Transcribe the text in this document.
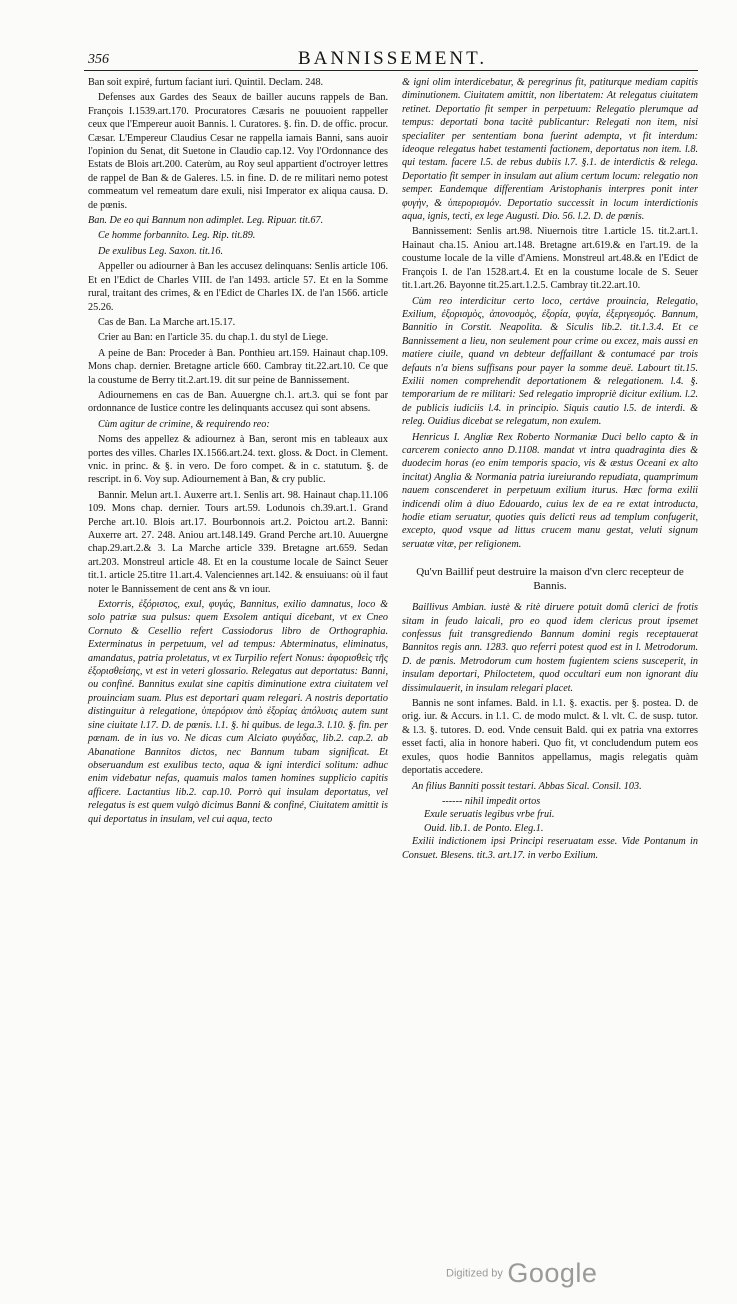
356	BANNISSEMENT.

Ban soit expiré, furtum faciant iuri. Quintil. Declam. 248.

Defenses aux Gardes des Seaux de bailler aucuns rappels de Ban. François I.1539.art.170. Procuratores Cæsaris ne pouuoient rappeller ceux que l'Empereur auoit Bannis. l. Curatores. §. fin. D. de offic. procur. Cæsar. L'Empereur Claudius Cesar ne rappella iamais Banni, sans auoir l'opinion du Senat, dit Suetone in Claudio cap.12. Voy l'Ordonnance des Estats de Blois art.200. Caterùm, au Roy seul appartient d'octroyer lettres de rappel de Ban & de Galeres. l.5. in fine. D. de re militari nemo potest commeatum vel remeatum dare exuli, nisi Imperator ex aliqua causa. D. de pœnis.

Ban. De eo qui Bannum non adimplet. Leg. Ripuar. tit.67.

Ce homme forbannito. Leg. Rip. tit.89.

De exulibus Leg. Saxon. tit.16.

Appeller ou adiourner à Ban les accusez delinquans: Senlis article 106. Et en l'Edict de Charles VIII. de l'an 1493. article 57. Et en la Somme rural, traitant des crimes, & en l'Edict de Charles IX. de l'an 1566. article 25.26.

Cas de Ban. La Marche art.15.17.

Crier au Ban: en l'article 35. du chap.1. du styl de Liege.

A peine de Ban: Proceder à Ban. Ponthieu art.159. Hainaut chap.109. Mons chap. dernier. Bretagne article 660. Cambray tit.22.art.10. Ce que la coustume de Berry tit.2.art.19. dit sur peine de Bannissement.

Adiournemens en cas de Ban. Auuergne ch.1. art.3. qui se font par ordonnance de Iustice contre les delinquants accusez qui sont absens.

Cùm agitur de crimine, & requirendo reo:

Noms des appellez & adiournez à Ban, seront mis en tableaux aux portes des villes. Charles IX.1566.art.24. text. gloss. & Doct. in Clement. vnic. in princ. & §. in vero. De foro compet. & in c. statutum. §. de rescript. in 6. Voy sup. Adiournement à Ban, & cry public.

Bannir. Melun art.1. Auxerre art.1. Senlis art. 98. Hainaut chap.11.106 109. Mons chap. dernier. Tours art.59. Lodunois ch.39.art.1. Grand Perche art.10. Blois art.17. Bourbonnois art.2. Poictou art.2. Banni: Auxerre art. 27. 248. Aniou art.148.149. Grand Perche art.10. Auuergne chap.29.art.2.& 3. La Marche article 339. Bretagne art.659. Sedan art.203. Monstreul article 48. Et en la coustume locale de Sainct Seuer tit.1. article 25.titre 11.art.4. Valenciennes art.142. & ensuiuans: où il faut noter le Bannissement de cent ans & vn iour.

Extorris, ἐξόριστος, exul, φυγάς, Bannitus, exilio damnatus, loco & solo patriæ sua pulsus: quem Exsolem antiqui dicebant, vt ex Cneo Cornuto & Cesellio refert Cassiodorus libro de Orthographia. Exterminatus in perpetuum, vel ad tempus: Abterminatus, eliminatus, amandatus, patria proletatus, vt ex Turpilio refert Nonus: ἀφορισθεὶς τῆς ἐξορισθείσης, vt est in veteri glossario. Relegatus aut deportatus: Banni, ou confiné. Bannitus exulat sine capitis diminutione extra ciuitatem vel prouinciam suam. Plus est deportari quam relegari. A nostris deportatio distinguitur à relegatione, ὑπερόριον ἀπὸ ἐξορίας ἀπόλυσις autem sunt sine ciuitate l.17. D. de pœnis. l.1. §. hi quibus. de lega.3. l.10. §. fin. per pœnam. de in ius vo. Ne dicas cum Alciato φυγάδας, lib.2. cap.2. ab Abanatione Bannitos dictos, nec Bannum tubam significat. Et obseruandum est exulibus tecto, aqua & igni interdici solitum: adhuc enim videbatur nefas, quamuis malos tamen homines supplicio capitis afficere. Lactantius lib.2. cap.10. Porrò qui insulam deportatus, vel relegatus is est quem vulgò dicimus Banni & confiné, Ciuitatem amittit is qui deportatus in insulam, vel cui aqua, tecto

& igni olim interdicebatur, & peregrinus fit, patiturque mediam capitis diminutionem. Ciuitatem amittit, non libertatem: At relegatus ciuitatem retinet. Deportatio fit semper in perpetuum: Relegatio plerumque ad tempus: deportati bona tacitè publicantur: Relegati non item, nisi specialiter per sententiam bona fuerint adempta, vt fit interdum: ideoque relegatus habet testamenti factionem, deportatus non item. l.8. qui testam. facere l.5. de rebus dubiis l.7. §.1. de interdictis & relega. Deportatio fit semper in insulam aut alium certum locum: relegatio non semper. Eandemque differentiam Aristophanis interpres ponit inter φυγὴν, & ὑπερορισμόν. Deportatio successit in locum interdictionis aqua, ignis, tecti, ex lege Augusti. Dio. 56. l.2. D. de pœnis.

Bannissement: Senlis art.98. Niuernois titre 1.article 15. tit.2.art.1. Hainaut cha.15. Aniou art.148. Bretagne art.619.& en l'art.19. de la coustume locale de la ville d'Amiens. Monstreul art.48.& en l'Edict de François I. de l'an 1528.art.4. Et en la coustume locale de S. Seuer tit.1.art.26. Bayonne tit.25.art.1.2.5. Cambray tit.22.art.10.

Cùm reo interdicitur certo loco, certáve prouincia, Relegatio, Exilium, ἐξορισμὸς, ἀπονοσμὸς, ἐξορία, φυγία, ἐξεριγεσμός. Bannum, Bannitio in Corstit. Neapolita. & Siculis lib.2. tit.1.3.4. Et ce Bannissement a lieu, non seulement pour crime ou excez, mais aussi en matiere ciuile, quand vn debteur deffaillant & contumacé par trois defauts n'a biens suffisans pour payer la somme deuë. Labourt tit.15. Exilii nomen comprehendit deportationem & relegationem. l.4. §. temporarium de re militari: Sed relegatio impropriè dicitur exilium. l.2. de publicis iudiciis l.4. in principio. Siquis cautio l.5. de interdi. & releg. Ouidius dicebat se relegatum, non exulem.

Henricus I. Angliæ Rex Roberto Normaniæ Duci bello capto & in carcerem coniecto anno D.1108. mandat vt intra quadraginta dies & duodecim horas (eo enim temporis spacio, vis & æstus Oceani ex alto incitat) Anglia & Normania patria iureiurando repudiata, quamprimum nauem conscenderet in perpetuum exilium iturus. Hæc forma exilii indicendi olim à diuo Edouardo, cuius lex de ea re extat introducta, hodie etiam seruatur, quoties quis delicti reus ad templum confugerit, excepto, quod vsque ad littus crucem manu gestat, veluti signum seruatæ vitæ, per religionem.

Qu'vn Baillif peut destruire la maison d'vn clerc recepteur de Bannis.

Baillivus Ambian. iustè & ritè diruere potuit domũ clerici de frotis sitam in feudo laicali, pro eo quod idem clericus prout ipsemet confessus fuit transgrediendo Bannum domini regis receptauerat Bannitos regis ann. 1283. quo referri potest quod est in l. Metrodorum. D. de pœnis. Metrodorum cum hostem fugientem sciens susceperit, in insulam deportari, Philoctetem, quod occultari eum non ignorant diu dissimulauerit, in insulam relegari placet.

Bannis ne sont infames. Bald. in l.1. §. exactis. per §. postea. D. de orig. iur. & Accurs. in l.1. C. de modo mulct. & l. vlt. C. de susp. tutor. & l.3. §. tutores. D. eod. Vnde censuit Bald. qui ex patria vna extorres esset facti, alia in honore haberi. Quo fit, vt concludendum putem eos exules, quos hodie Bannitos appellamus, magis relegatis quàm deportatis accedere.

An filius Banniti possit testari. Abbas Sical. Consil. 103.

------ nihil impedit ortos
Exule seruatis legibus vrbe frui.
Ouid. lib.1. de Ponto. Eleg.1.

Exilii indictionem ipsi Principi reseruatam esse. Vide Pontanum in Consuet. Blesens. tit.3. art.17. in verbo Exilium.

Digitized by Google
